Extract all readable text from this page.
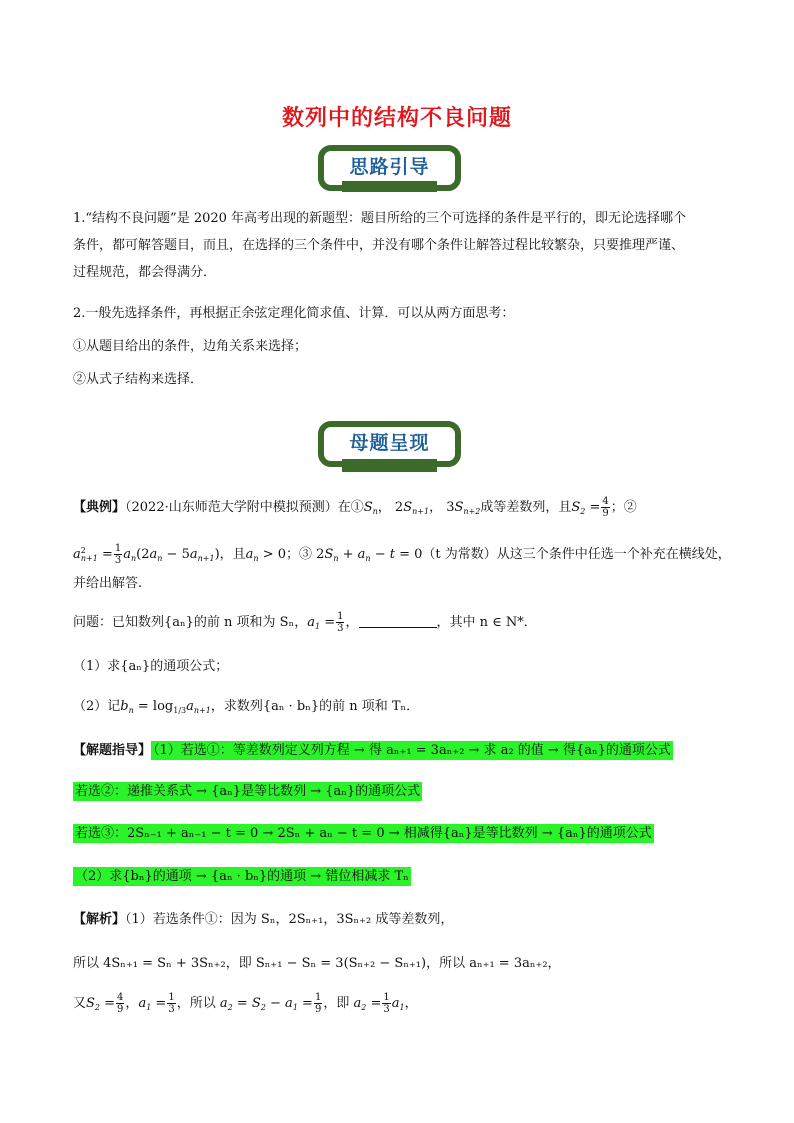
数列中的结构不良问题
思路引导
1.“结构不良问题”是 2020 年高考出现的新题型：题目所给的三个可选择的条件是平行的，即无论选择哪个
条件，都可解答题目，而且，在选择的三个条件中，并没有哪个条件让解答过程比较繁杂，只要推理严谨、
过程规范，都会得满分．
2.一般先选择条件，再根据正余弦定理化简求值、计算．可以从两方面思考：
①从题目给出的条件，边角关系来选择；
②从式子结构来选择．
母题呈现
【典例】（2022·山东师范大学附中模拟预测）在$①S_n$， $2S_{n+1}$， $3S_{n+2}$成等差数列，且$S_2 = \frac{4}{9}$ ；②
$a^2_{n+1} = \frac{1}{3} a_n(2a_n - 5a_{n+1})$，且$a_n > 0$；③ $2S_n + a_n - t = 0(t$ 为常数）从这三个条件中任选一个补充在横线处，
并给出解答.
问题：已知数列{aₙ}的前 n 项和为 Sₙ，$a_1 = \frac{1}{3}$ ，	，其中 n ∈ N*．
（1）求{aₙ}的通项公式；
（2）记$b_n = \log_{1/3}a_{n+1}$，求数列{aₙ · bₙ}的前 n 项和 Tₙ．
【解题指导】 （1）若选①：等差数列定义列方程 → 得 aₙ₊₁ = 3aₙ₊₂ → 求 a₂ 的值 → 得{aₙ}的通项公式
若选②：递推关系式 → {aₙ}是等比数列 → {aₙ}的通项公式
若选③：2Sₙ₋₁ + aₙ₋₁ − t = 0 → 2Sₙ + aₙ − t = 0 → 相减得{aₙ}是等比数列 → {aₙ}的通项公式
（2）求{bₙ}的通项 → {aₙ · bₙ}的通项 → 错位相减求 Tₙ
【解析】（1）若选条件①：因为 Sₙ，2Sₙ₊₁，3Sₙ₊₂ 成等差数列，
所以 4Sₙ₊₁ = Sₙ + 3Sₙ₊₂，即 Sₙ₊₁ − Sₙ = 3(Sₙ₊₂ − Sₙ₊₁)，所以 aₙ₊₁ = 3aₙ₊₂，
又$S_2 = \frac{4}{9}$ ，$a_1 = \frac{1}{3}$ ，所以 $a_2 = S_2 - a_1 = \frac{1}{9}$ ，即 $a_2 = \frac{1}{3} a_1$，
